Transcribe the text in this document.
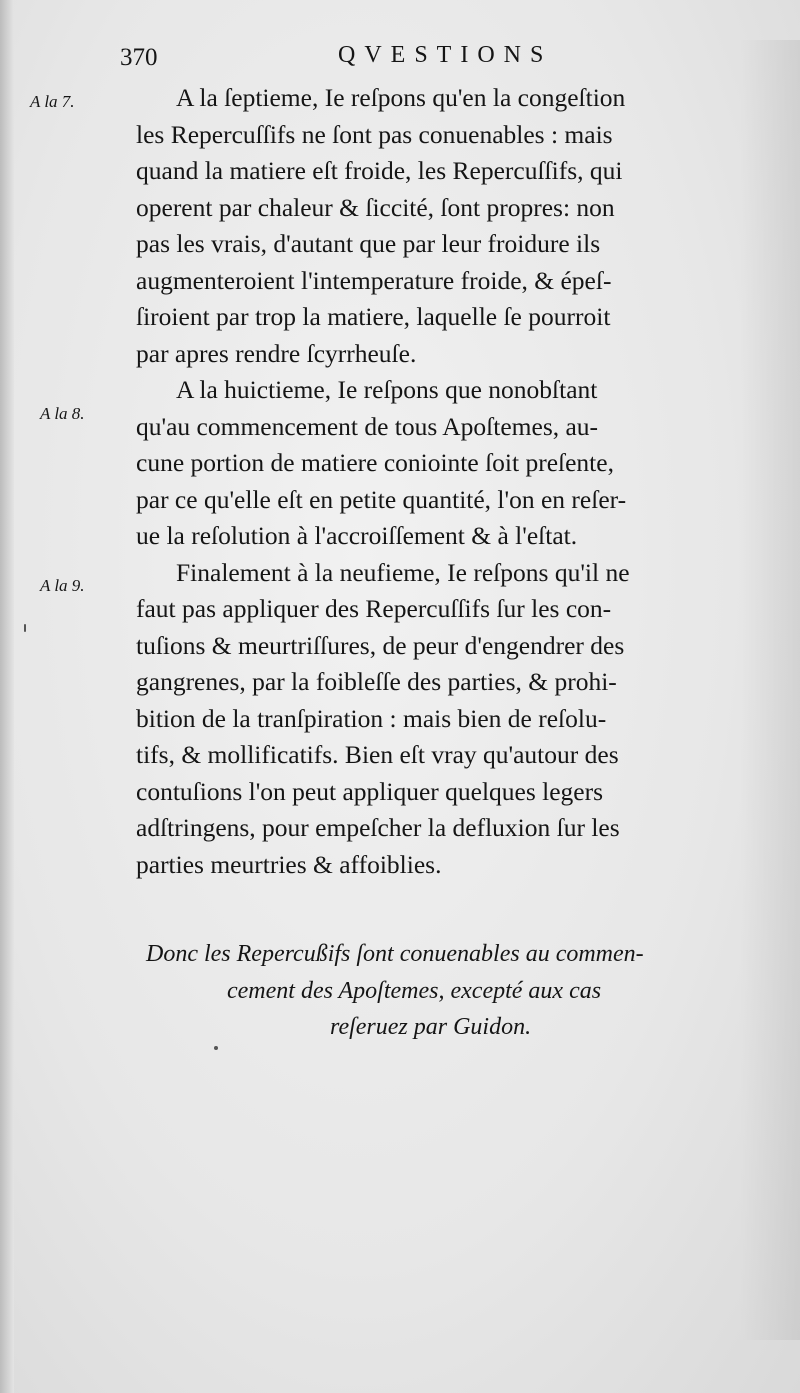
370	QVESTIONS
A la 7.
A la 8.
A la 9.
A la ſeptieme, Ie reſpons qu'en la congeſtion
les Repercuſſifs ne ſont pas conuenables : mais
quand la matiere eſt froide, les Repercuſſifs, qui
operent par chaleur & ſiccité, ſont propres: non
pas les vrais, d'autant que par leur froidure ils
augmenteroient l'intemperature froide, & épeſ-
ſiroient par trop la matiere, laquelle ſe pourroit
par apres rendre ſcyrrheuſe.
A la huictieme, Ie reſpons que nonobſtant
qu'au commencement de tous Apoſtemes, au-
cune portion de matiere coniointe ſoit preſente,
par ce qu'elle eſt en petite quantité, l'on en reſer-
ue la reſolution à l'accroiſſement & à l'eſtat.
Finalement à la neufieme, Ie reſpons qu'il ne
faut pas appliquer des Repercuſſifs ſur les con-
tuſions & meurtriſſures, de peur d'engendrer des
gangrenes, par la foibleſſe des parties, & prohi-
bition de la tranſpiration : mais bien de reſolu-
tifs, & mollificatifs. Bien eſt vray qu'autour des
contuſions l'on peut appliquer quelques legers
adſtringens, pour empeſcher la defluxion ſur les
parties meurtries & affoiblies.
Donc les Repercußifs ſont conuenables au commen-
cement des Apoſtemes, excepté aux cas
reſeruez par Guidon.
